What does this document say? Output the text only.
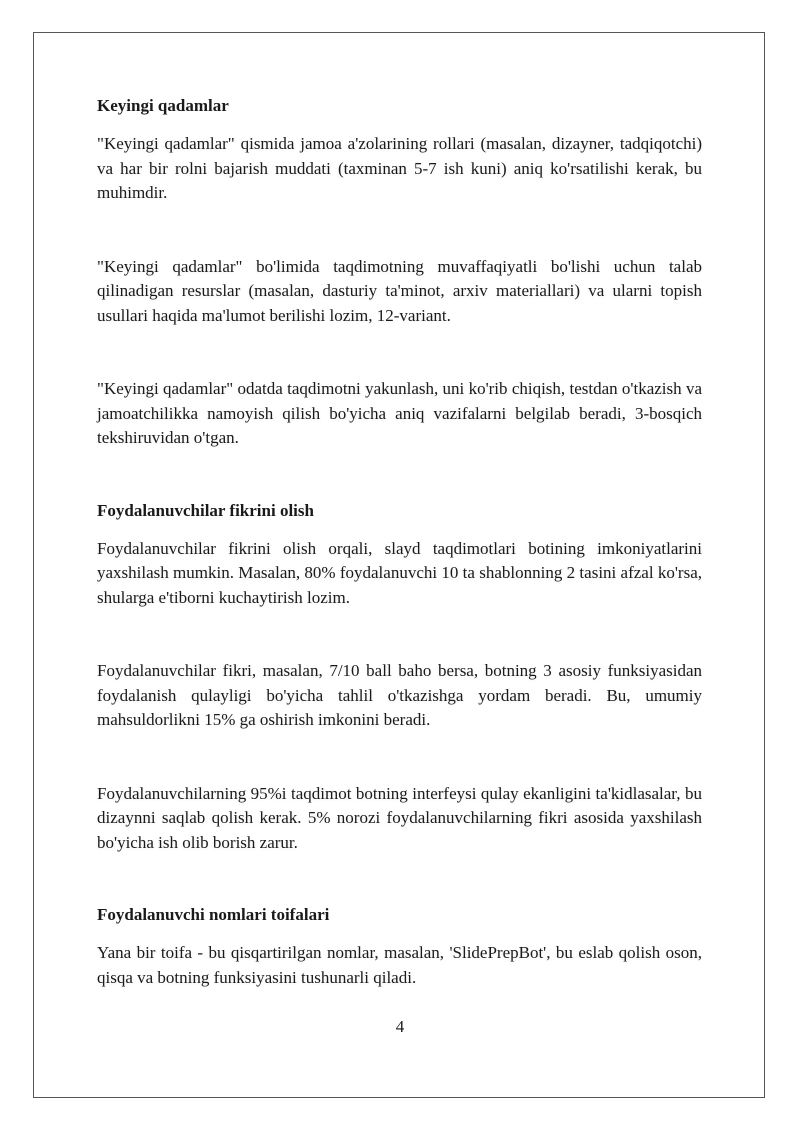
Keyingi qadamlar

"Keyingi qadamlar" qismida jamoa a'zolarining rollari (masalan, dizayner, tadqiqotchi) va har bir rolni bajarish muddati (taxminan 5-7 ish kuni) aniq ko'rsatilishi kerak, bu muhimdir.

"Keyingi qadamlar" bo'limida taqdimotning muvaffaqiyatli bo'lishi uchun talab qilinadigan resurslar (masalan, dasturiy ta'minot, arxiv materiallari) va ularni topish usullari haqida ma'lumot berilishi lozim, 12-variant.

"Keyingi qadamlar" odatda taqdimotni yakunlash, uni ko'rib chiqish, testdan o'tkazish va jamoatchilikka namoyish qilish bo'yicha aniq vazifalarni belgilab beradi, 3-bosqich tekshiruvidan o'tgan.

Foydalanuvchilar fikrini olish

Foydalanuvchilar fikrini olish orqali, slayd taqdimotlari botining imkoniyatlarini yaxshilash mumkin. Masalan, 80% foydalanuvchi 10 ta shablonning 2 tasini afzal ko'rsa, shularga e'tiborni kuchaytirish lozim.

Foydalanuvchilar fikri, masalan, 7/10 ball baho bersa, botning 3 asosiy funksiyasidan foydalanish qulayligi bo'yicha tahlil o'tkazishga yordam beradi. Bu, umumiy mahsuldorlikni 15% ga oshirish imkonini beradi.

Foydalanuvchilarning 95%i taqdimot botning interfeysi qulay ekanligini ta'kidlasalar, bu dizaynni saqlab qolish kerak. 5% norozi foydalanuvchilarning fikri asosida yaxshilash bo'yicha ish olib borish zarur.

Foydalanuvchi nomlari toifalari

Yana bir toifa - bu qisqartirilgan nomlar, masalan, 'SlidePrepBot', bu eslab qolish oson, qisqa va botning funksiyasini tushunarli qiladi.

4
